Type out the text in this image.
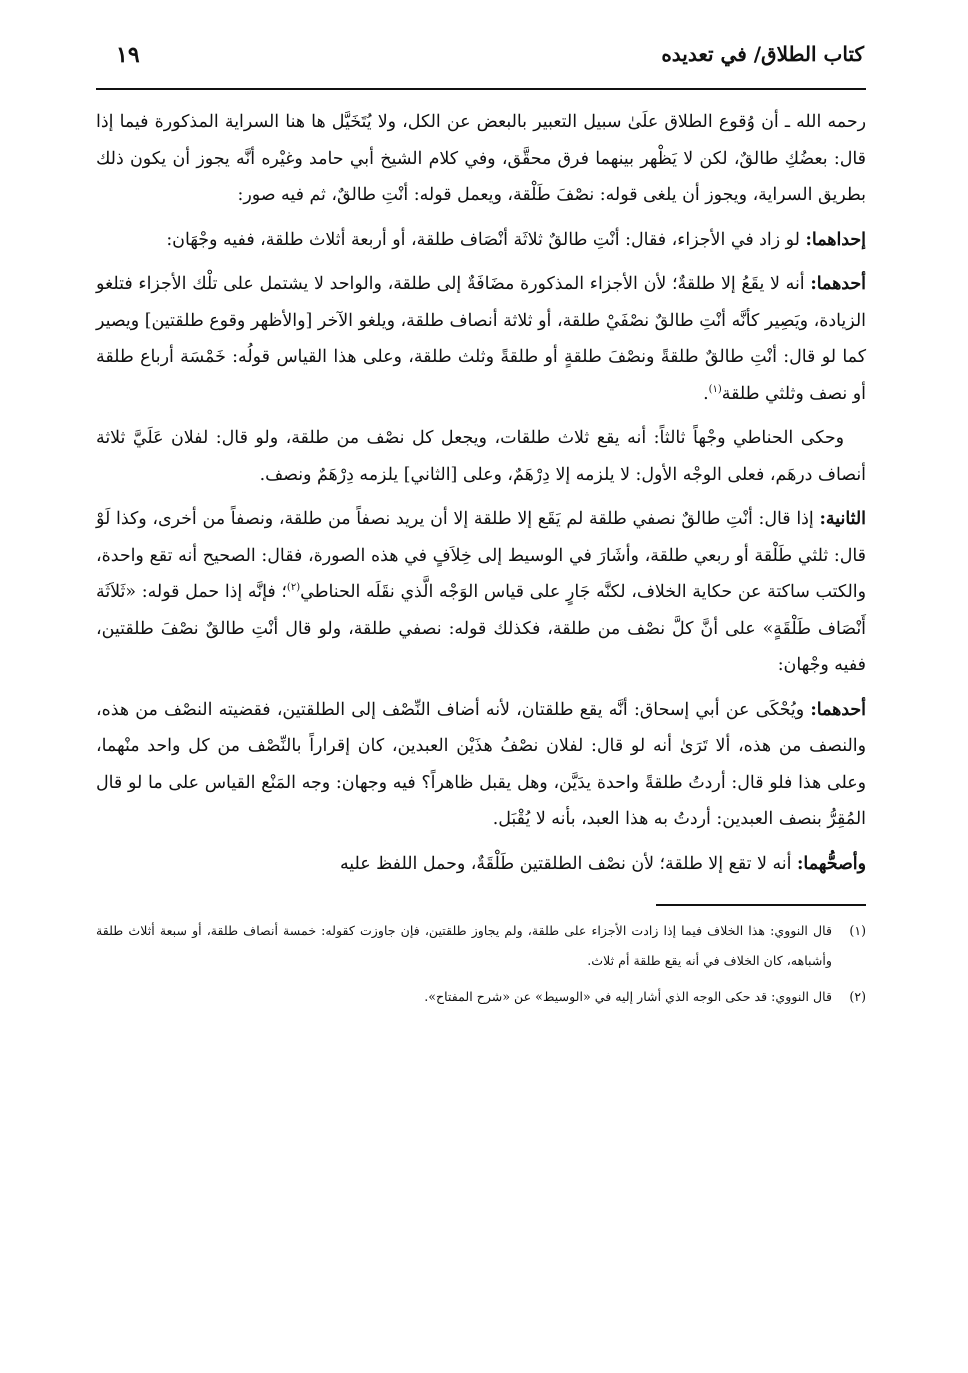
كتاب الطلاق/ في تعديده
١٩

رحمه الله ـ أن وُقوع الطلاق علَىٰ سبيل التعبير بالبعض عن الكل، ولا يُتَخَيَّل ها هنا السراية المذكورة فيما إذا قال: بعضُكِ طالقٌ، لكن لا يَظْهر بينهما فرق محقَّق، وفي كلام الشيخ أبي حامد وغيْره أنَّه يجوز أن يكون ذلك بطريق السراية، ويجوز أن يلغى قوله: نصْفَ طَلْقة، ويعمل قوله: أنْتِ طالقٌ، ثم فيه صور:

إحداهما: لو زاد في الأجزاء، فقال: أنْتِ طالقٌ ثلاثَة أنْصَاف طلقة، أو أربعة أثلاث طلقة، ففيه وجْهَان:

أحدهما: أنه لا يقَعُ إلا طلقةٌ؛ لأن الأجزاء المذكورة مضَافَةٌ إلى طلقة، والواحد لا يشتمل على تلْك الأجزاء فتلغو الزيادة، ويَصِير كأنَّه أنْتِ طالقٌ نصْفَيْ طلقة، أو ثلاثة أنصاف طلقة، ويلغو الآخر [والأظهر وقوع طلقتين] ويصير كما لو قال: أنْتِ طالقٌ طلقةً ونصْفَ طلقةٍ أو طلقةً وثلث طلقة، وعلى هذا القياس قولُه: خَمْسَة أرباع طلقة أو نصف وثلثي طلقة$^{(١)}$.

وحكى الحناطي وجْهاً ثالثاً: أنه يقع ثلاث طلقات، ويجعل كل نصْف من طلقة، ولو قال: لفلان عَلَيَّ ثلاثة أنصاف درهَم، فعلى الوجْه الأول: لا يلزمه إلا دِرْهَمٌ، وعلى [الثاني] يلزمه دِرْهَمٌ ونصف.

الثانية: إذا قال: أنْتِ طالقٌ نصفي طلقة لم يَقَع إلا طلقة إلا أن يريد نصفاً من طلقة، ونصفاً من أخرى، وكذا لَوْ قال: ثلثي طَلْقة أو ربعي طلقة، وأشَارَ في الوسيط إلى خِلاَفٍ في هذه الصورة، فقال: الصحيح أنه تقع واحدة، والكتب ساكتة عن حكاية الخلاف، لكنَّه جَارٍ على قياس الوَجْه الَّذي نقَلَه الحناطي$^{(٢)}$؛ فإنَّه إذا حمل قوله: «ثَلاَثَة أَنْصَاف طَلْقَةٍ» على أنَّ كلَّ نصْف من طلقة، فكذلك قوله: نصفي طلقة، ولو قال أنْتِ طالقٌ نصْفَ طلقتين، ففيه وجْهان:

أحدهما: ويُحْكَى عن أبي إسحاق: أنَّه يقع طلقتان، لأنه أضاف النِّصْف إلى الطلقتين، فقضيته النصْف من هذه، والنصف من هذه، ألا تَرَىٰ أنه لو قال: لفلان نصْفُ هذَيْن العبدين، كان إقراراً بالنِّصْف من كل واحد منْهما، وعلى هذا فلو قال: أردتُ طلقةً واحدة يدَيَّن، وهل يقبل ظاهراً؟ فيه وجهان: وجه المَنْع القياس على ما لو قال المُقِرُّ بنصف العبدين: أردتُ به هذا العبد، بأنه لا يُقْبَل.

وأصحُّهما: أنه لا تقع إلا طلقة؛ لأن نصْف الطلقتين طَلْقَةٌ، وحمل اللفظ عليه

(١)
قال النووي: هذا الخلاف فيما إذا زادت الأجزاء على طلقة، ولم يجاوز طلقتين، فإن جاوزت كقوله: خمسة أنصاف طلقة، أو سبعة أثلاث طلقة وأشباهه، كان الخلاف في أنه يقع طلقة أم ثلاث.
(٢)
قال النووي: قد حكى الوجه الذي أشار إليه في «الوسيط» عن «شرح المفتاح».
